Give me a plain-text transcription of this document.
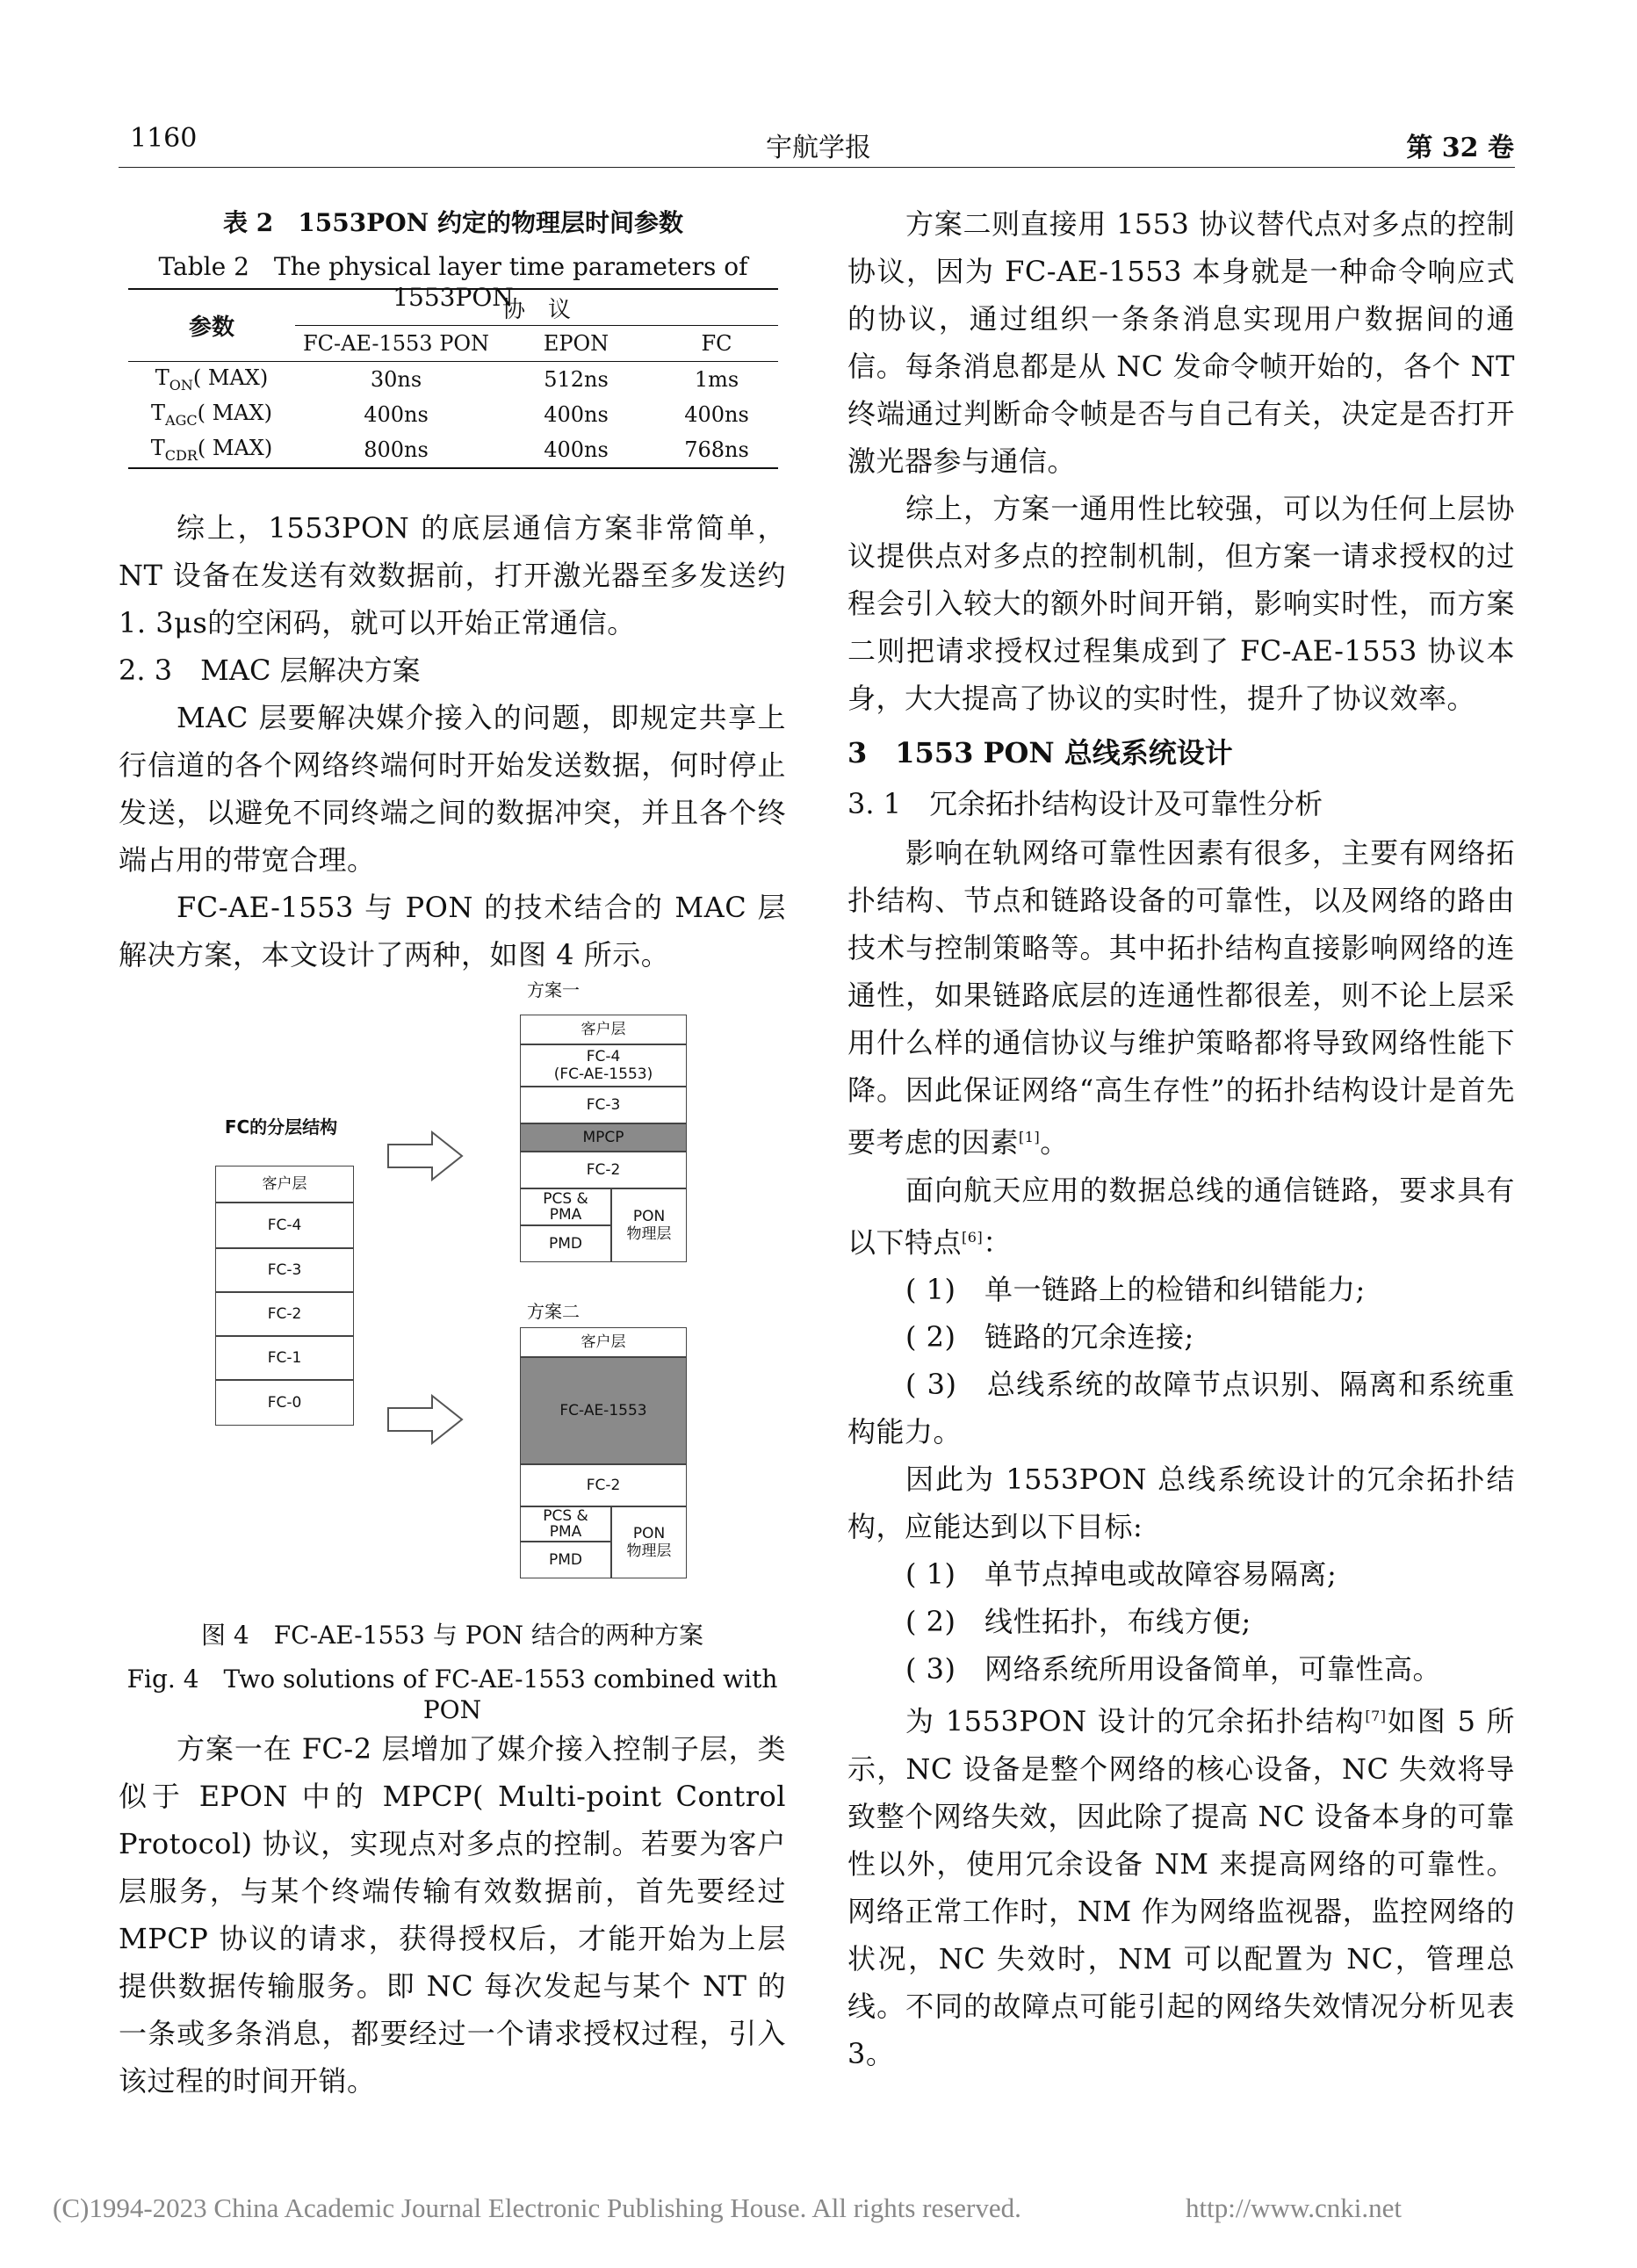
1160	宇航学报	第 32 卷
表 2　1553PON 约定的物理层时间参数
Table 2　The physical layer time parameters of 1553PON
参数	协　议		
	FC-AE-1553 PON	EPON	FC
$T_{ON}$( MAX)	30ns	512ns	1ms
$T_{AGC}$( MAX)	400ns	400ns	400ns
$T_{CDR}$( MAX)	800ns	400ns	768ns

综上，1553PON 的底层通信方案非常简单，NT 设备在发送有效数据前，打开激光器至多发送约 1. 3μs的空闲码，就可以开始正常通信。

2. 3　MAC 层解决方案

MAC 层要解决媒介接入的问题，即规定共享上行信道的各个网络终端何时开始发送数据，何时停止发送，以避免不同终端之间的数据冲突，并且各个终端占用的带宽合理。

FC-AE-1553 与 PON 的技术结合的 MAC 层解决方案，本文设计了两种，如图 4 所示。

FC的分层结构
客户层
FC-4
FC-3
FC-2
FC-1
FC-0
方案一
客户层
FC-4
(FC-AE-1553)
FC-3
MPCP
FC-2
PCS &
PMA
PMD
PON
物理层
方案二
客户层
FC-AE-1553
FC-2
PCS &
PMA
PMD
PON
物理层
图 4　FC-AE-1553 与 PON 结合的两种方案
Fig. 4　Two solutions of FC-AE-1553 combined with PON

方案一在 FC-2 层增加了媒介接入控制子层，类似于 EPON 中的 MPCP( Multi-point Control Protocol) 协议，实现点对多点的控制。若要为客户层服务，与某个终端传输有效数据前，首先要经过 MPCP 协议的请求，获得授权后，才能开始为上层提供数据传输服务。即 NC 每次发起与某个 NT 的一条或多条消息，都要经过一个请求授权过程，引入该过程的时间开销。

方案二则直接用 1553 协议替代点对多点的控制协议，因为 FC-AE-1553 本身就是一种命令响应式的协议，通过组织一条条消息实现用户数据间的通信。每条消息都是从 NC 发命令帧开始的，各个 NT 终端通过判断命令帧是否与自己有关，决定是否打开激光器参与通信。

综上，方案一通用性比较强，可以为任何上层协议提供点对多点的控制机制，但方案一请求授权的过程会引入较大的额外时间开销，影响实时性，而方案二则把请求授权过程集成到了 FC-AE-1553 协议本身，大大提高了协议的实时性，提升了协议效率。

3　1553 PON 总线系统设计

3. 1　冗余拓扑结构设计及可靠性分析

影响在轨网络可靠性因素有很多，主要有网络拓扑结构、节点和链路设备的可靠性，以及网络的路由技术与控制策略等。其中拓扑结构直接影响网络的连通性，如果链路底层的连通性都很差，则不论上层采用什么样的通信协议与维护策略都将导致网络性能下降。因此保证网络“高生存性”的拓扑结构设计是首先要考虑的因素[1]。

面向航天应用的数据总线的通信链路，要求具有以下特点[6]：

( 1)　单一链路上的检错和纠错能力;

( 2)　链路的冗余连接;

( 3)　总线系统的故障节点识别、隔离和系统重构能力。

因此为 1553PON 总线系统设计的冗余拓扑结构，应能达到以下目标:

( 1)　单节点掉电或故障容易隔离;

( 2)　线性拓扑，布线方便;

( 3)　网络系统所用设备简单，可靠性高。

为 1553PON 设计的冗余拓扑结构[7]如图 5 所示，NC 设备是整个网络的核心设备，NC 失效将导致整个网络失效，因此除了提高 NC 设备本身的可靠性以外，使用冗余设备 NM 来提高网络的可靠性。网络正常工作时，NM 作为网络监视器，监控网络的状况，NC 失效时，NM 可以配置为 NC，管理总线。不同的故障点可能引起的网络失效情况分析见表 3。

(C)1994-2023 China Academic Journal Electronic Publishing House. All rights reserved.	http://www.cnki.net
